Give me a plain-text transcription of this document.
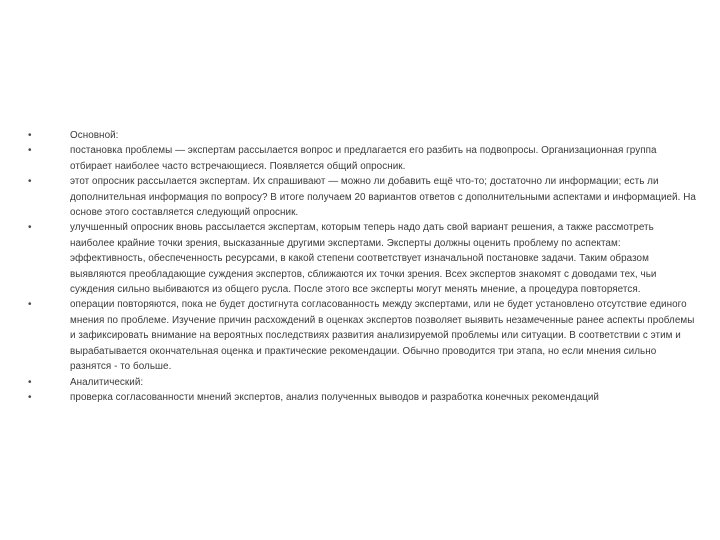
•	Основной:
•	постановка проблемы — экспертам рассылается вопрос и предлагается его разбить на подвопросы. Организационная группа отбирает наиболее часто встречающиеся. Появляется общий опросник.
•	этот опросник рассылается экспертам. Их спрашивают — можно ли добавить ещё что-то; достаточно ли информации; есть ли дополнительная информация по вопросу? В итоге получаем 20 вариантов ответов с дополнительными аспектами и информацией. На основе этого составляется следующий опросник.
•	улучшенный опросник вновь рассылается экспертам, которым теперь надо дать свой вариант решения, а также рассмотреть наиболее крайние точки зрения, высказанные другими экспертами. Эксперты должны оценить проблему по аспектам: эффективность, обеспеченность ресурсами, в какой степени соответствует изначальной постановке задачи. Таким образом выявляются преобладающие суждения экспертов, сближаются их точки зрения. Всех экспертов знакомят с доводами тех, чьи суждения сильно выбиваются из общего русла. После этого все эксперты могут менять мнение, а процедура повторяется.
•	операции повторяются, пока не будет достигнута согласованность между экспертами, или не будет установлено отсутствие единого мнения по проблеме. Изучение причин расхождений в оценках экспертов позволяет выявить незамеченные ранее аспекты проблемы и зафиксировать внимание на вероятных последствиях развития анализируемой проблемы или ситуации. В соответствии с этим и вырабатывается окончательная оценка и практические рекомендации. Обычно проводится три этапа, но если мнения сильно разнятся - то больше.
•	Аналитический:
•	проверка согласованности мнений экспертов, анализ полученных выводов и разработка конечных рекомендаций
